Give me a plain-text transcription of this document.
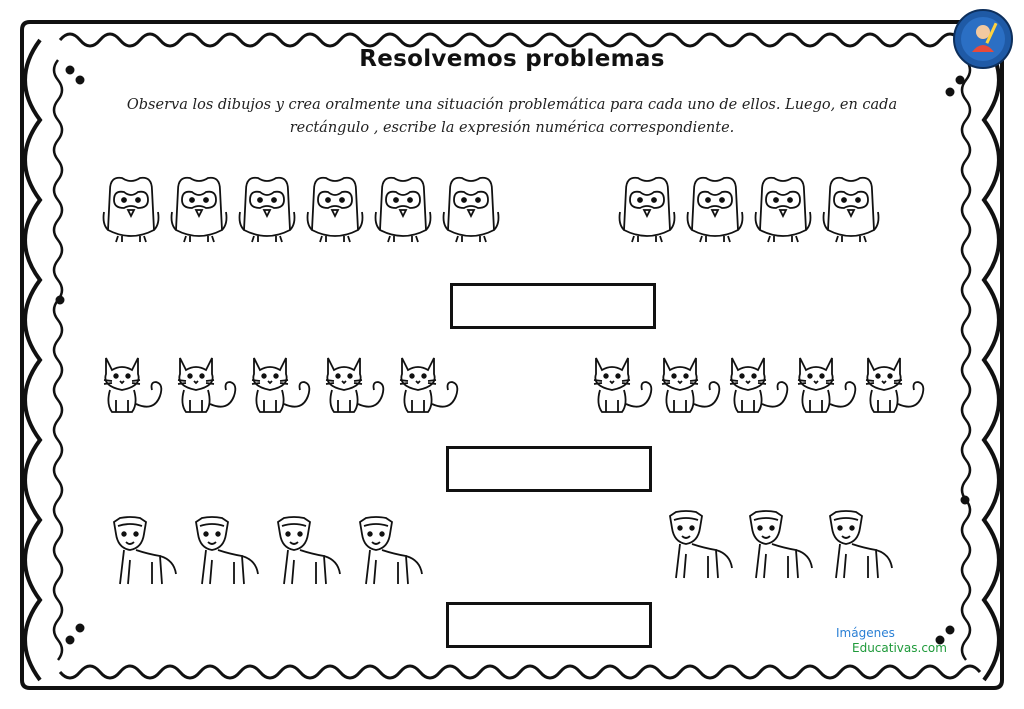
Resolvemos problemas
Observa los dibujos y crea oralmente una situación problemática para cada uno de ellos. Luego, en cada
rectángulo , escribe la expresión numérica correspondiente.
Imágenes
Educativas.com
